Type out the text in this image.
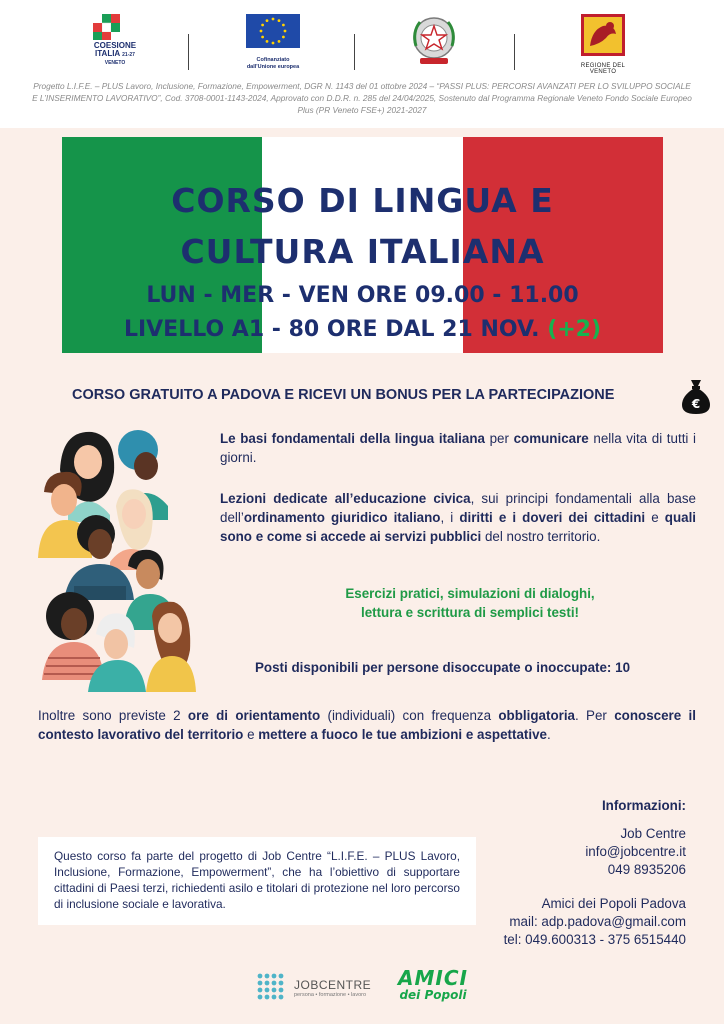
COESIONE
ITALIA 21-27
VENETO	Cofinanziato
dall'Unione europea	REGIONE DEL VENETO
Progetto L.I.F.E. – PLUS Lavoro, Inclusione, Formazione, Empowerment, DGR N. 1143 del 01 ottobre 2024 – “PASSI PLUS: PERCORSI AVANZATI PER LO SVILUPPO SOCIALE E L’INSERIMENTO LAVORATIVO”, Cod. 3708-0001-1143-2024, Approvato con D.D.R. n. 285 del 24/04/2025, Sostenuto dal Programma Regionale Veneto Fondo Sociale Europeo Plus (PR Veneto FSE+) 2021-2027
CORSO DI LINGUA E
CULTURA ITALIANA
LUN - MER - VEN ORE 09.00 - 11.00
LIVELLO A1 - 80 ORE DAL 21 NOV. (+2)
CORSO GRATUITO A PADOVA E RICEVI UN BONUS PER LA PARTECIPAZIONE
€
Le basi fondamentali della lingua italiana per comunicare nella vita di tutti i giorni.
Lezioni dedicate all’educazione civica, sui principi fondamentali alla base dell’ordinamento giuridico italiano, i diritti e i doveri dei cittadini e quali sono e come si accede ai servizi pubblici del nostro territorio.
Esercizi pratici, simulazioni di dialoghi,
lettura e scrittura di semplici testi!
Posti disponibili per persone disoccupate o inoccupate: 10
Inoltre sono previste 2 ore di orientamento (individuali) con frequenza obbligatoria. Per conoscere il contesto lavorativo del territorio e mettere a fuoco le tue ambizioni e aspettative.
Informazioni:
Job Centre
info@jobcentre.it
049 8935206
Amici dei Popoli Padova
mail: adp.padova@gmail.com
tel: 049.600313 - 375 6515440
Questo corso fa parte del progetto di Job Centre “L.I.F.E. – PLUS Lavoro, Inclusione, Formazione, Empowerment”, che ha l’obiettivo di supportare cittadini di Paesi terzi, richiedenti asilo e titolari di protezione nel loro percorso di inclusione sociale e lavorativa.
JOBCENTRE
persona • formazione • lavoro
AMICI
dei Popoli
